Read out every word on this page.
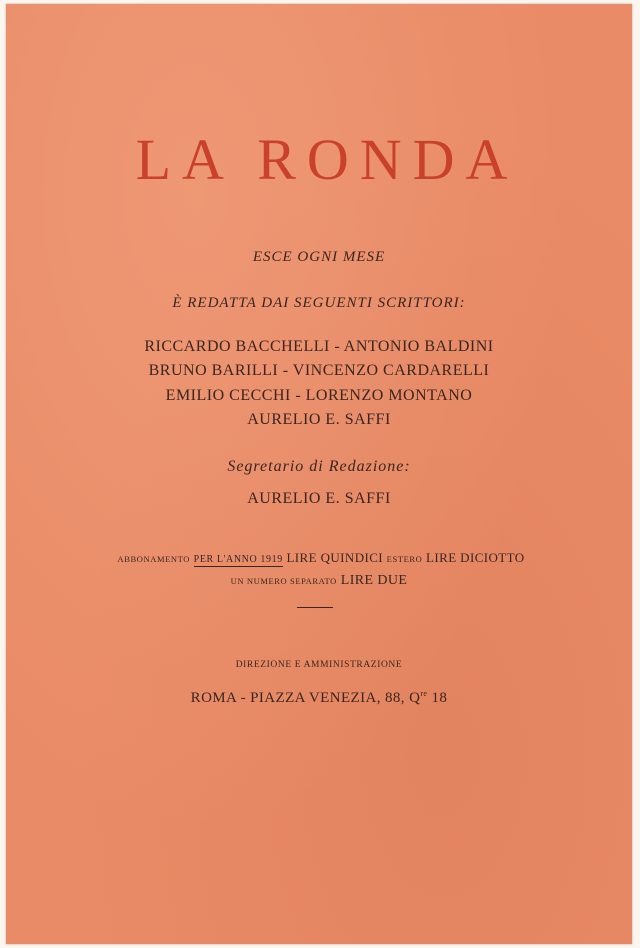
LA RONDA
ESCE OGNI MESE
È REDATTA DAI SEGUENTI SCRITTORI:
RICCARDO BACCHELLI - ANTONIO BALDINI
BRUNO BARILLI - VINCENZO CARDARELLI
EMILIO CECCHI - LORENZO MONTANO
AURELIO E. SAFFI
Segretario di Redazione:
AURELIO E. SAFFI
ABBONAMENTO PER L'ANNO 1919 LIRE QUINDICI ESTERO LIRE DICIOTTO
UN NUMERO SEPARATO LIRE DUE
DIREZIONE E AMMINISTRAZIONE
ROMA - PIAZZA VENEZIA, 88, $Q^{re}$ 18
